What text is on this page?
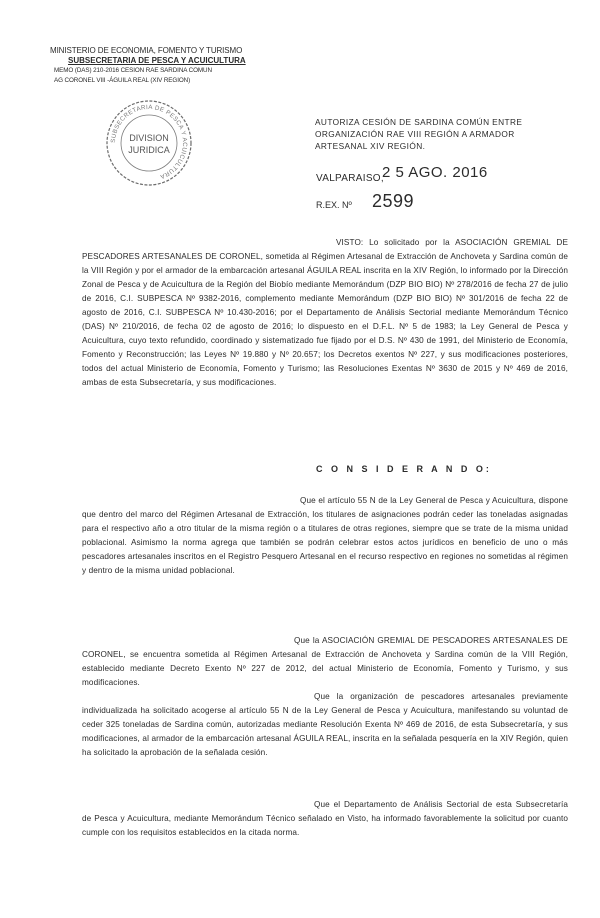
MINISTERIO DE ECONOMIA, FOMENTO Y TURISMO
SUBSECRETARIA DE PESCA Y ACUICULTURA
MEMO (DAS) 210-2016 CESION RAE SARDINA COMUN
AG CORONEL VIII -ÁGUILA REAL (XIV REGION)
SUBSECRETARIA DE PESCA Y ACUICULTURA
DIVISION
JURIDICA
AUTORIZA CESIÓN DE SARDINA COMÚN ENTRE ORGANIZACIÓN RAE VIII REGIÓN A ARMADOR ARTESANAL XIV REGIÓN.
VALPARAISO,
2 5 AGO. 2016
R.EX. Nº 2599
VISTO: Lo solicitado por la ASOCIACIÓN GREMIAL DE PESCADORES ARTESANALES DE CORONEL, sometida al Régimen Artesanal de Extracción de Anchoveta y Sardina común de la VIII Región y por el armador de la embarcación artesanal ÁGUILA REAL inscrita en la XIV Región, lo informado por la Dirección Zonal de Pesca y de Acuicultura de la Región del Biobío mediante Memorándum (DZP BIO BIO) Nº 278/2016 de fecha 27 de julio de 2016, C.I. SUBPESCA Nº 9382-2016, complemento mediante Memorándum (DZP BIO BIO) Nº 301/2016 de fecha 22 de agosto de 2016, C.I. SUBPESCA Nº 10.430-2016; por el Departamento de Análisis Sectorial mediante Memorándum Técnico (DAS) Nº 210/2016, de fecha 02 de agosto de 2016; lo dispuesto en el D.F.L. Nº 5 de 1983; la Ley General de Pesca y Acuicultura, cuyo texto refundido, coordinado y sistematizado fue fijado por el D.S. Nº 430 de 1991, del Ministerio de Economía, Fomento y Reconstrucción; las Leyes Nº 19.880 y Nº 20.657; los Decretos exentos Nº 227, y sus modificaciones posteriores, todos del actual Ministerio de Economía, Fomento y Turismo; las Resoluciones Exentas Nº 3630 de 2015 y Nº 469 de 2016, ambas de esta Subsecretaría, y sus modificaciones.
C O N S I D E R A N D O:
Que el artículo 55 N de la Ley General de Pesca y Acuicultura, dispone que dentro del marco del Régimen Artesanal de Extracción, los titulares de asignaciones podrán ceder las toneladas asignadas para el respectivo año a otro titular de la misma región o a titulares de otras regiones, siempre que se trate de la misma unidad poblacional. Asimismo la norma agrega que también se podrán celebrar estos actos jurídicos en beneficio de uno o más pescadores artesanales inscritos en el Registro Pesquero Artesanal en el recurso respectivo en regiones no sometidas al régimen y dentro de la misma unidad poblacional.
Que la ASOCIACIÓN GREMIAL DE PESCADORES ARTESANALES DE CORONEL, se encuentra sometida al Régimen Artesanal de Extracción de Anchoveta y Sardina común de la VIII Región, establecido mediante Decreto Exento Nº 227 de 2012, del actual Ministerio de Economía, Fomento y Turismo, y sus modificaciones.
Que la organización de pescadores artesanales previamente individualizada ha solicitado acogerse al artículo 55 N de la Ley General de Pesca y Acuicultura, manifestando su voluntad de ceder 325 toneladas de Sardina común, autorizadas mediante Resolución Exenta Nº 469 de 2016, de esta Subsecretaría, y sus modificaciones, al armador de la embarcación artesanal ÁGUILA REAL, inscrita en la señalada pesquería en la XIV Región, quien ha solicitado la aprobación de la señalada cesión.
Que el Departamento de Análisis Sectorial de esta Subsecretaría de Pesca y Acuicultura, mediante Memorándum Técnico señalado en Visto, ha informado favorablemente la solicitud por cuanto cumple con los requisitos establecidos en la citada norma.
